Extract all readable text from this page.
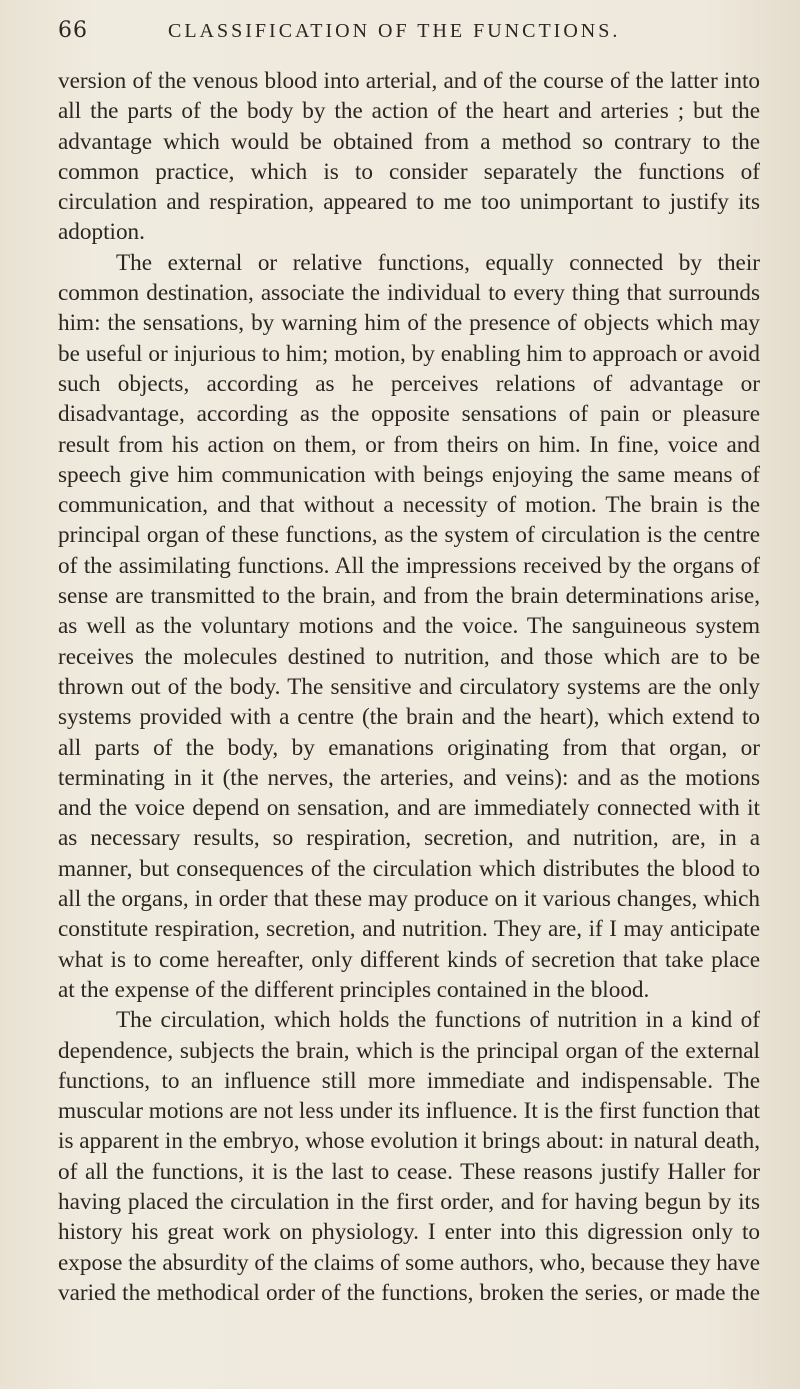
66	CLASSIFICATION OF THE FUNCTIONS.

version of the venous blood into arterial, and of the course of the latter into all the parts of the body by the action of the heart and arteries ; but the advantage which would be obtained from a method so contrary to the common practice, which is to consider separately the functions of circulation and respiration, appeared to me too unimportant to justify its adoption.

The external or relative functions, equally connected by their common destination, associate the individual to every thing that surrounds him: the sensations, by warning him of the presence of objects which may be useful or injurious to him; motion, by enabling him to approach or avoid such objects, according as he perceives relations of advantage or disadvantage, according as the opposite sensations of pain or pleasure result from his action on them, or from theirs on him. In fine, voice and speech give him communication with beings enjoying the same means of communication, and that without a necessity of motion. The brain is the principal organ of these functions, as the system of circulation is the centre of the assimilating functions. All the impressions received by the organs of sense are transmitted to the brain, and from the brain determinations arise, as well as the voluntary motions and the voice. The sanguineous system receives the molecules destined to nutrition, and those which are to be thrown out of the body. The sensitive and circulatory systems are the only systems provided with a centre (the brain and the heart), which extend to all parts of the body, by emanations originating from that organ, or terminating in it (the nerves, the arteries, and veins): and as the motions and the voice depend on sensation, and are immediately connected with it as necessary results, so respiration, secretion, and nutrition, are, in a manner, but consequences of the circulation which distributes the blood to all the organs, in order that these may produce on it various changes, which constitute respiration, secretion, and nutrition. They are, if I may anticipate what is to come hereafter, only different kinds of secretion that take place at the expense of the different principles contained in the blood.

The circulation, which holds the functions of nutrition in a kind of dependence, subjects the brain, which is the principal organ of the external functions, to an influence still more immediate and indispensable. The muscular motions are not less under its influence. It is the first function that is apparent in the embryo, whose evolution it brings about: in natural death, of all the functions, it is the last to cease. These reasons justify Haller for having placed the circulation in the first order, and for having begun by its history his great work on physiology. I enter into this digression only to expose the absurdity of the claims of some authors, who, because they have varied the methodical order of the functions, broken the series, or made the
